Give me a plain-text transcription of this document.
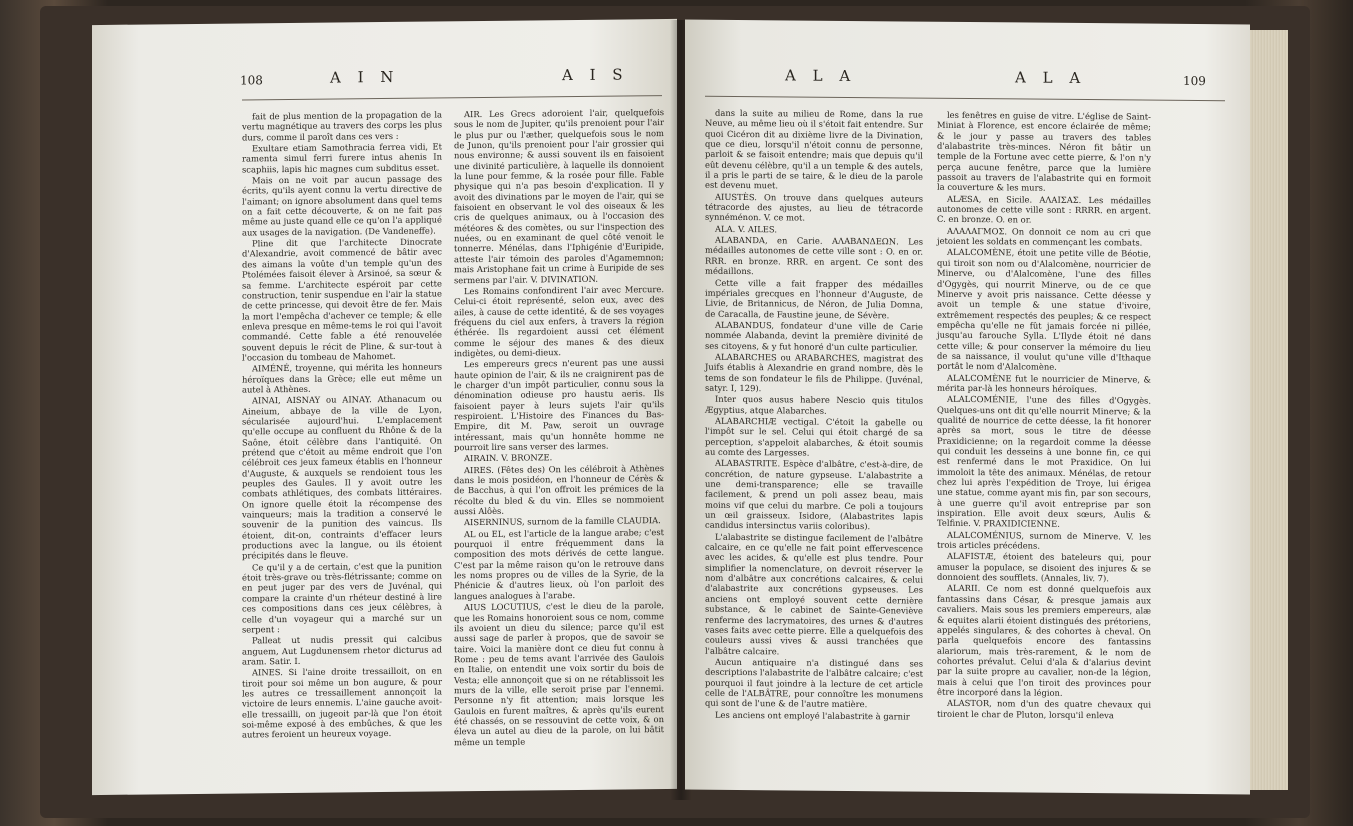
108	A I N	A I S

fait de plus mention de la propagation de la vertu magnétique au travers des corps les plus durs, comme il paroît dans ces vers :

Exultare etiam Samothracia ferrea vidi, Et ramenta simul ferri furere intus ahenis In scaphiis, lapis hic magnes cum subditus esset.

Mais on ne voit par aucun passage des écrits, qu'ils ayent connu la vertu directive de l'aimant; on ignore absolument dans quel tems on a fait cette découverte, & on ne fait pas même au juste quand elle ce qu'on l'a appliqué aux usages de la navigation. (De Vandeneffe).

Pline dit que l'architecte Dinocrate d'Alexandrie, avoit commencé de bâtir avec des aimans la voûte d'un temple qu'un des Ptolémées faisoit élever à Arsinoé, sa sœur & sa femme. L'architecte espéroit par cette construction, tenir suspendue en l'air la statue de cette princesse, qui devoit être de fer. Mais la mort l'empêcha d'achever ce temple; & elle enleva presque en même-tems le roi qui l'avoit commandé. Cette fable a été renouvelée souvent depuis le récit de Pline, & sur-tout à l'occasion du tombeau de Mahomet.

AIMÉNÉ, troyenne, qui mérita les honneurs héroïques dans la Grèce; elle eut même un autel à Athènes.

AINAI, AISNAY ou AINAY. Athanacum ou Aineium, abbaye de la ville de Lyon, sécularisée aujourd'hui. L'emplacement qu'elle occupe au confluent du Rhône & de la Saône, étoit célèbre dans l'antiquité. On prétend que c'étoit au même endroit que l'on célébroit ces jeux fameux établis en l'honneur d'Auguste, & auxquels se rendoient tous les peuples des Gaules. Il y avoit outre les combats athlétiques, des combats littéraires. On ignore quelle étoit la récompense des vainqueurs; mais la tradition a conservé le souvenir de la punition des vaincus. Ils étoient, dit-on, contraints d'effacer leurs productions avec la langue, ou ils étoient précipités dans le fleuve.

Ce qu'il y a de certain, c'est que la punition étoit très-grave ou très-flétrissante; comme on en peut juger par des vers de Juvénal, qui compare la crainte d'un rhéteur destiné à lire ces compositions dans ces jeux célèbres, à celle d'un voyageur qui a marché sur un serpent :

Palleat ut nudis pressit qui calcibus anguem, Aut Lugdunensem rhetor dicturus ad aram. Satir. I.

AINES. Si l'aine droite tressailloit, on en tiroit pour soi même un bon augure, & pour les autres ce tressaillement annonçoit la victoire de leurs ennemis. L'aine gauche avoit-elle tressailli, on jugeoit par-là que l'on étoit soi-même exposé à des embûches, & que les autres feroient un heureux voyage.

AIR. Les Grecs adoroient l'air, quelquefois sous le nom de Jupiter, qu'ils prenoient pour l'air le plus pur ou l'æther, quelquefois sous le nom de Junon, qu'ils prenoient pour l'air grossier qui nous environne; & aussi souvent ils en faisoient une divinité particulière, à laquelle ils donnoient la lune pour femme, & la rosée pour fille. Fable physique qui n'a pas besoin d'explication. Il y avoit des divinations par le moyen de l'air, qui se faisoient en observant le vol des oiseaux & les cris de quelques animaux, ou à l'occasion des météores & des comètes, ou sur l'inspection des nuées, ou en examinant de quel côté venoit le tonnerre. Ménélas, dans l'Iphigénie d'Euripide, atteste l'air témoin des paroles d'Agamemnon; mais Aristophane fait un crime à Euripide de ses sermens par l'air. V. DIVINATION.

Les Romains confondirent l'air avec Mercure. Celui-ci étoit représenté, selon eux, avec des ailes, à cause de cette identité, & de ses voyages fréquens du ciel aux enfers, à travers la région éthérée. Ils regardoient aussi cet élément comme le séjour des manes & des dieux indigètes, ou demi-dieux.

Les empereurs grecs n'eurent pas une aussi haute opinion de l'air, & ils ne craignirent pas de le charger d'un impôt particulier, connu sous la dénomination odieuse pro haustu aeris. Ils faisoient payer à leurs sujets l'air qu'ils respiroient. L'Histoire des Finances du Bas-Empire, dit M. Paw, seroit un ouvrage intéressant, mais qu'un honnête homme ne pourroit lire sans verser des larmes.

AIRAIN. V. BRONZE.

AIRES. (Fêtes des) On les célébroit à Athènes dans le mois posidéon, en l'honneur de Cérès & de Bacchus, à qui l'on offroit les prémices de la récolte du bled & du vin. Elles se nommoient aussi Alôès.

AISERNINUS, surnom de la famille CLAUDIA.

AL ou EL, est l'article de la langue arabe; c'est pourquoi il entre fréquemment dans la composition des mots dérivés de cette langue. C'est par la même raison qu'on le retrouve dans les noms propres ou de villes de la Syrie, de la Phénicie & d'autres lieux, où l'on parloit des langues analogues à l'arabe.

AIUS LOCUTIUS, c'est le dieu de la parole, que les Romains honoroient sous ce nom, comme ils avoient un dieu du silence; parce qu'il est aussi sage de parler à propos, que de savoir se taire. Voici la manière dont ce dieu fut connu à Rome : peu de tems avant l'arrivée des Gaulois en Italie, on entendit une voix sortir du bois de Vesta; elle annonçoit que si on ne rétablissoit les murs de la ville, elle seroit prise par l'ennemi. Personne n'y fit attention; mais lorsque les Gaulois en furent maîtres, & après qu'ils eurent été chassés, on se ressouvint de cette voix, & on éleva un autel au dieu de la parole, on lui bâtit même un temple

A L A	A L A	109

dans la suite au milieu de Rome, dans la rue Neuve, au même lieu où il s'étoit fait entendre. Sur quoi Cicéron dit au dixième livre de la Divination, que ce dieu, lorsqu'il n'étoit connu de personne, parloit & se faisoit entendre; mais que depuis qu'il eût devenu célèbre, qu'il a un temple & des autels, il a pris le parti de se taire, & le dieu de la parole est devenu muet.

AIUSTÈS. On trouve dans quelques auteurs tétracorde des ajustes, au lieu de tétracorde synnéménon. V. ce mot.

ALA. V. AILES.

ALABANDA, en Carie. ΑΛΑΒΑΝΔΕΩΝ. Les médailles autonomes de cette ville sont : O. en or. RRR. en bronze. RRR. en argent. Ce sont des médaillons.

Cette ville a fait frapper des médailles impériales grecques en l'honneur d'Auguste, de Livie, de Britannicus, de Néron, de Julia Domna, de Caracalla, de Faustine jeune, de Sévère.

ALABANDUS, fondateur d'une ville de Carie nommée Alabanda, devint la première divinité de ses citoyens, & y fut honoré d'un culte particulier.

ALABARCHES ou ARABARCHES, magistrat des Juifs établis à Alexandrie en grand nombre, dès le tems de son fondateur le fils de Philippe. (Juvénal, satyr. I, 129).

Inter quos ausus habere Nescio quis titulos Ægyptius, atque Alabarches.

ALABARCHIÆ vectigal. C'étoit la gabelle ou l'impôt sur le sel. Celui qui étoit chargé de sa perception, s'appeloit alabarches, & étoit soumis au comte des Largesses.

ALABASTRITE. Espèce d'albâtre, c'est-à-dire, de concrétion, de nature gypseuse. L'alabastrite a une demi-transparence; elle se travaille facilement, & prend un poli assez beau, mais moins vif que celui du marbre. Ce poli a toujours un œil graisseux. Isidore, (Alabastrites lapis candidus intersinctus variis coloribus).

L'alabastrite se distingue facilement de l'albâtre calcaire, en ce qu'elle ne fait point effervescence avec les acides, & qu'elle est plus tendre. Pour simplifier la nomenclature, on devroit réserver le nom d'albâtre aux concrétions calcaires, & celui d'alabastrite aux concrétions gypseuses. Les anciens ont employé souvent cette dernière substance, & le cabinet de Sainte-Geneviève renferme des lacrymatoires, des urnes & d'autres vases faits avec cette pierre. Elle a quelquefois des couleurs aussi vives & aussi tranchées que l'albâtre calcaire.

Aucun antiquaire n'a distingué dans ses descriptions l'alabastrite de l'albâtre calcaire; c'est pourquoi il faut joindre à la lecture de cet article celle de l'ALBÂTRE, pour connoître les monumens qui sont de l'une & de l'autre matière.

Les anciens ont employé l'alabastrite à garnir

les fenêtres en guise de vitre. L'église de Saint-Miniat à Florence, est encore éclairée de même; & le jour y passe au travers des tables d'alabastrite très-minces. Néron fit bâtir un temple de la Fortune avec cette pierre, & l'on n'y perça aucune fenêtre, parce que la lumière passoit au travers de l'alabastrite qui en formoit la couverture & les murs.

ALÆSA, en Sicile. ΑΛΑΙΣΑΣ. Les médailles autonomes de cette ville sont : RRRR. en argent. C. en bronze. O. en or.

ΑΛΑΛΑΓΜΟΣ. On donnoit ce nom au cri que jetoient les soldats en commençant les combats.

ALALCOMÈNE, étoit une petite ville de Béotie, qui tiroit son nom ou d'Alalcomène, nourricier de Minerve, ou d'Alalcomène, l'une des filles d'Ogygès, qui nourrit Minerve, ou de ce que Minerve y avoit pris naissance. Cette déesse y avoit un temple & une statue d'ivoire, extrêmement respectés des peuples; & ce respect empêcha qu'elle ne fût jamais forcée ni pillée, jusqu'au farouche Sylla. L'Ilyde étoit né dans cette ville; & pour conserver la mémoire du lieu de sa naissance, il voulut qu'une ville d'Ithaque portât le nom d'Alalcomène.

ALALCOMÈNE fut le nourricier de Minerve, & mérita par-là les honneurs héroïques.

ALALCOMÉNIE, l'une des filles d'Ogygès. Quelques-uns ont dit qu'elle nourrit Minerve; & la qualité de nourrice de cette déesse, la fit honorer après sa mort, sous le titre de déesse Praxidicienne; on la regardoit comme la déesse qui conduit les desseins à une bonne fin, ce qui est renfermé dans le mot Praxidice. On lui immoloit la tête des animaux. Ménélas, de retour chez lui après l'expédition de Troye, lui érigea une statue, comme ayant mis fin, par son secours, à une guerre qu'il avoit entreprise par son inspiration. Elle avoit deux sœurs, Aulis & Telfinie. V. PRAXIDICIENNE.

ALALCOMÉNIUS, surnom de Minerve. V. les trois articles précédens.

ALAFISTÆ, étoient des bateleurs qui, pour amuser la populace, se disoient des injures & se donnoient des soufflets. (Annales, liv. 7).

ALARII. Ce nom est donné quelquefois aux fantassins dans César, & presque jamais aux cavaliers. Mais sous les premiers empereurs, alæ & equites alarii étoient distingués des prétoriens, appelés singulares, & des cohortes à cheval. On parla quelquefois encore des fantassins alariorum, mais très-rarement, & le nom de cohortes prévalut. Celui d'ala & d'alarius devint par la suite propre au cavalier, non-de la légion, mais à celui que l'on tiroit des provinces pour être incorporé dans la légion.

ALASTOR, nom d'un des quatre chevaux qui tiroient le char de Pluton, lorsqu'il enleva
